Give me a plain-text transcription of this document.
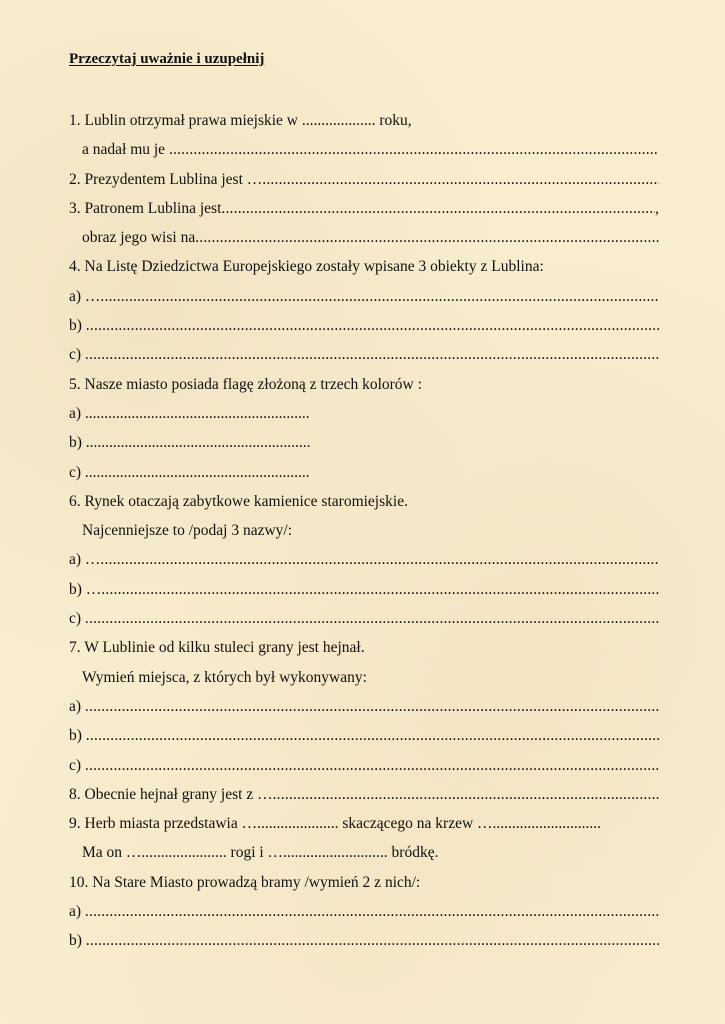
Przeczytaj uważnie i uzupełnij
1. Lublin otrzymał prawa miejskie w ................... roku,
a nadał mu je

.....
2. Prezydentem Lublina jest …
.....
3. Patronem Lublina jest
.....	,
obraz jego wisi na
.....
4. Na Listę Dziedzictwa Europejskiego zostały wpisane 3 obiekty z Lublina:
a) …
.....
b)

.....
c)

.....
5. Nasze miasto posiada flagę złożoną z trzech kolorów :
a)

.....
b)

.....
c)

.....
6. Rynek otaczają zabytkowe kamienice staromiejskie.
Najcenniejsze to /podaj 3 nazwy/:
a) …
.....
b) …
.....
c)

.....
7. W Lublinie od kilku stuleci grany jest hejnał.
Wymień miejsca, z których był wykonywany:
a)

.....
b)

.....
c)

.....
8. Obecnie hejnał grany jest z …
.....
9. Herb miasta przedstawia …..................... skaczącego na krzew …............................
Ma on …...................... rogi i …........................... bródkę.
10. Na Stare Miasto prowadzą bramy /wymień 2 z nich/:
a)

.....
b)

.....
